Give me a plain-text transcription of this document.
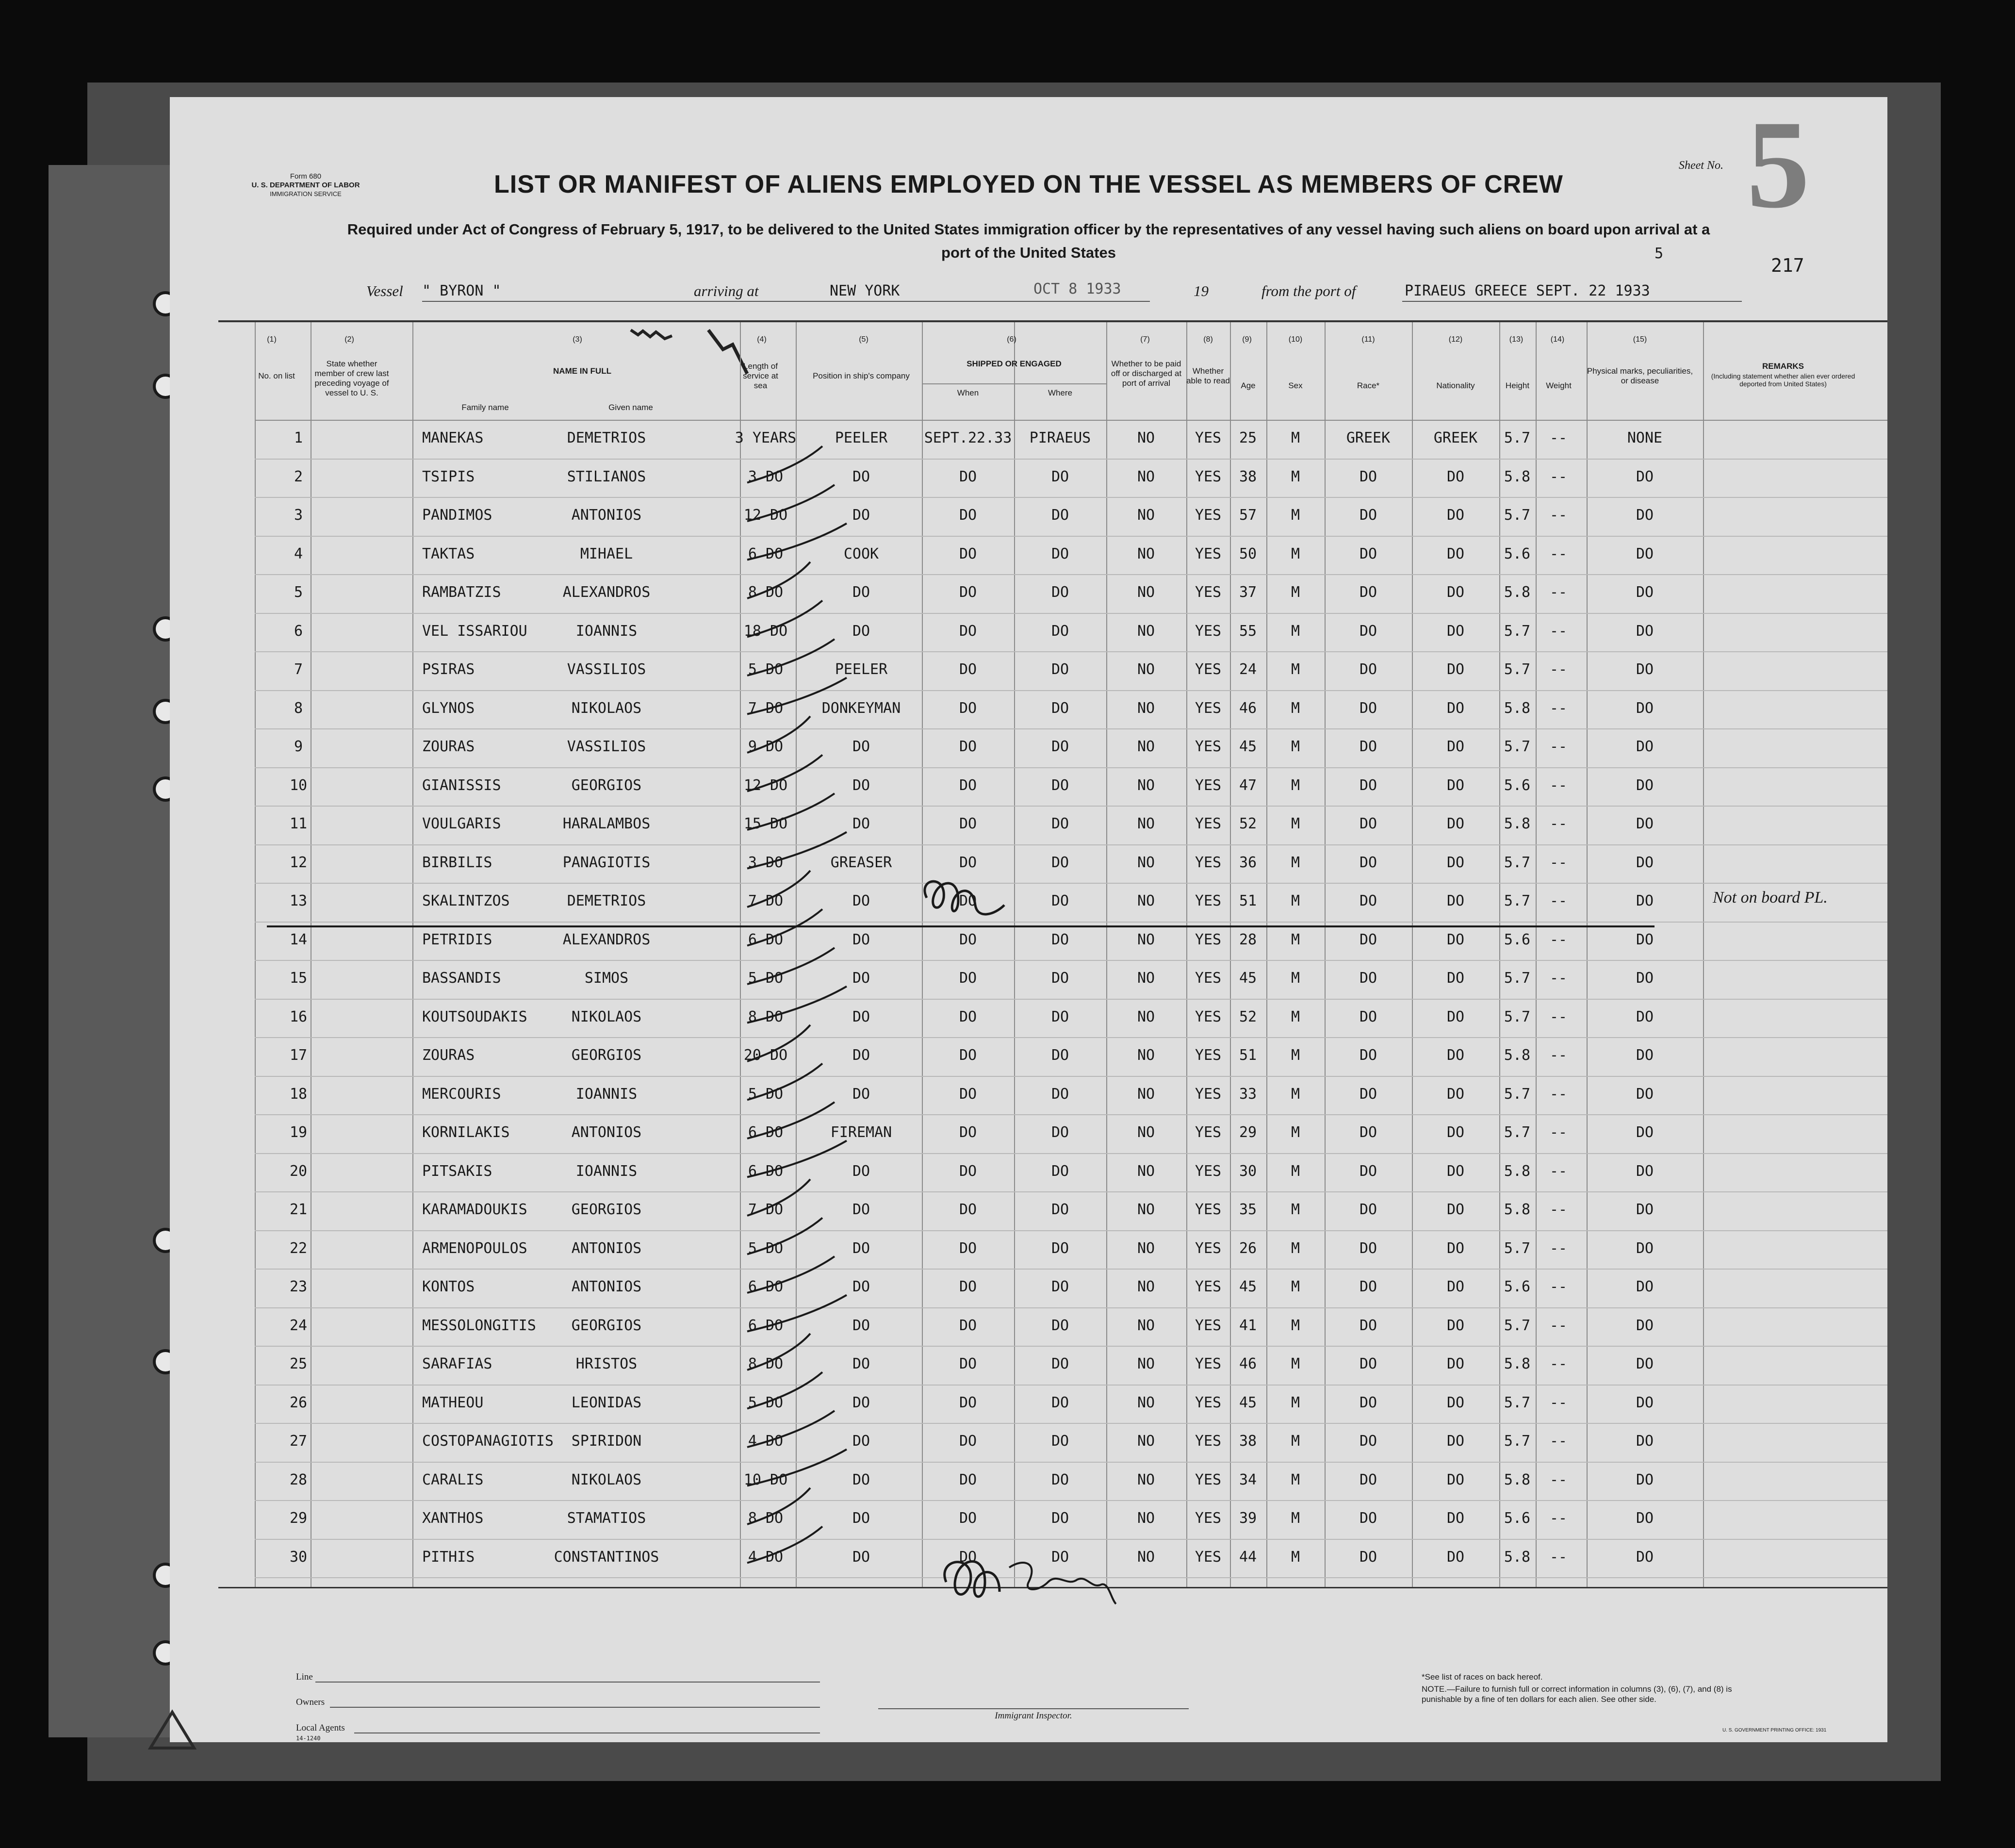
Form 680
U. S. DEPARTMENT OF LABOR
IMMIGRATION SERVICE	LIST OR MANIFEST OF ALIENS EMPLOYED ON THE VESSEL AS MEMBERS OF CREW
Required under Act of Congress of February 5, 1917, to be delivered to the United States immigration officer by the representatives of any vessel having such aliens on board upon arrival at a
port of the United States
Sheet No. 5
5
217
Vessel " BYRON "	arriving at	NEW YORK	OCT 8 1933	19	from the port of	PIRAEUS GREECE SEPT. 22 1933
(1)
No. on list
(2)
State whether member of crew last preceding voyage of vessel to U. S.
(3)
NAME IN FULL
Family name	Given name
(4)
Length of service at sea
(5)
Position in ship's company
(6)
SHIPPED OR ENGAGED
When	Where
(7)
Whether to be paid off or discharged at port of arrival
(8)
Whether able to read
(9)
Age
(10)
Sex
(11)
Race*
(12)
Nationality
(13)
Height
(14)
Weight
(15)
Physical marks, peculiarities, or disease
REMARKS
(Including statement whether alien ever ordered deported from United States)
1	MANEKAS	DEMETRIOS	3 YEARS	PEELER	SEPT.22.33 PIRAEUS	NO	YES 25 M	GREEK	GREEK 5.7 --	NONE
2	TSIPIS	STILIANOS	3 DO	DO	DO	DO	NO	YES 38 M	DO	DO	5.8 --	DO
3	PANDIMOS	ANTONIOS	12 DO	DO	DO	DO	NO	YES 57 M	DO	DO	5.7 --	DO
4	TAKTAS	MIHAEL	6 DO	COOK	DO	DO	NO	YES 50 M	DO	DO	5.6 --	DO
5	RAMBATZIS	ALEXANDROS	8 DO	DO	DO	DO	NO	YES 37 M	DO	DO	5.8 --	DO
6	VEL ISSARIOU	IOANNIS	18 DO	DO	DO	DO	NO	YES 55 M	DO	DO	5.7 --	DO
7	PSIRAS	VASSILIOS	5 DO	PEELER	DO	DO	NO	YES 24 M	DO	DO	5.7 --	DO
8	GLYNOS	NIKOLAOS	7 DO	DONKEYMAN	DO	DO	NO	YES 46 M	DO	DO	5.8 --	DO
9	ZOURAS	VASSILIOS	9 DO	DO	DO	DO	NO	YES 45 M	DO	DO	5.7 --	DO
10	GIANISSIS	GEORGIOS	12 DO	DO	DO	DO	NO	YES 47 M	DO	DO	5.6 --	DO
11	VOULGARIS	HARALAMBOS	15 DO	DO	DO	DO	NO	YES 52 M	DO	DO	5.8 --	DO
12	BIRBILIS	PANAGIOTIS	3 DO	GREASER	DO	DO	NO	YES 36 M	DO	DO	5.7 --	DO
13	SKALINTZOS	DEMETRIOS	7 DO	DO	DO	DO	NO	YES 51 M	DO	DO	5.7 --	DO	Not on board PL.
14	PETRIDIS	ALEXANDROS	6 DO	DO	DO	DO	NO	YES 28 M	DO	DO	5.6 --	DO
15	BASSANDIS	SIMOS	5 DO	DO	DO	DO	NO	YES 45 M	DO	DO	5.7 --	DO
16	KOUTSOUDAKIS	NIKOLAOS	8 DO	DO	DO	DO	NO	YES 52 M	DO	DO	5.7 --	DO
17	ZOURAS	GEORGIOS	20 DO	DO	DO	DO	NO	YES 51 M	DO	DO	5.8 --	DO
18	MERCOURIS	IOANNIS	5 DO	DO	DO	DO	NO	YES 33 M	DO	DO	5.7 --	DO
19	KORNILAKIS	ANTONIOS	6 DO	FIREMAN	DO	DO	NO	YES 29 M	DO	DO	5.7 --	DO
20	PITSAKIS	IOANNIS	6 DO	DO	DO	DO	NO	YES 30 M	DO	DO	5.8 --	DO
21	KARAMADOUKIS	GEORGIOS	7 DO	DO	DO	DO	NO	YES 35 M	DO	DO	5.8 --	DO
22	ARMENOPOULOS	ANTONIOS	5 DO	DO	DO	DO	NO	YES 26 M	DO	DO	5.7 --	DO
23	KONTOS	ANTONIOS	6 DO	DO	DO	DO	NO	YES 45 M	DO	DO	5.6 --	DO
24	MESSOLONGITIS GEORGIOS	6 DO	DO	DO	DO	NO	YES 41 M	DO	DO	5.7 --	DO
25	SARAFIAS	HRISTOS	8 DO	DO	DO	DO	NO	YES 46 M	DO	DO	5.8 --	DO
26	MATHEOU	LEONIDAS	5 DO	DO	DO	DO	NO	YES 45 M	DO	DO	5.7 --	DO
27	COSTOPANAGIOTIS SPIRIDON	4 DO	DO	DO	DO	NO	YES 38 M	DO	DO	5.7 --	DO
28	CARALIS	NIKOLAOS	10 DO	DO	DO	DO	NO	YES 34 M	DO	DO	5.8 --	DO
29	XANTHOS	STAMATIOS	8 DO	DO	DO	DO	NO	YES 39 M	DO	DO	5.6 --	DO
30	PITHIS	CONSTANTINOS	4 DO	DO	DO	DO	NO	YES 44 M	DO	DO	5.8 --	DO
Line
Owners
Local Agents
14-1240
Immigrant Inspector.
*See list of races on back hereof.
NOTE.—Failure to furnish full or correct information in columns (3), (6), (7), and (8) is punishable by a fine of ten dollars for each alien. See other side.
U. S. GOVERNMENT PRINTING OFFICE: 1931
